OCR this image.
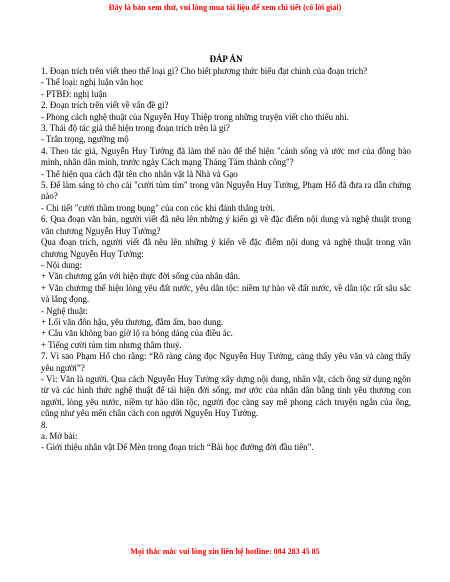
Đây là bản xem thử, vui lòng mua tài liệu để xem chi tiết (có lời giải)
ĐÁP ÁN

1. Đoạn trích trên viết theo thể loại gì? Cho biết phương thức biểu đạt chính của đoạn trích?

- Thể loại: nghị luận văn học

- PTBĐ: nghị luận

2. Đoạn trích trên viết về vấn đề gì?

- Phong cách nghệ thuật của Nguyễn Huy Thiệp trong những truyện viết cho thiếu nhi.

3. Thái độ tác giả thể hiện trong đoạn trích trên là gì?

- Trân trọng, ngưỡng mộ

4. Theo tác giả, Nguyễn Huy Tưởng đã làm thế nào để thể hiện "cảnh sống và ước mơ của đồng bào mình, nhân dân mình, trước ngày Cách mạng Tháng Tám thành công"?

- Thể hiện qua cách đặt tên cho nhân vật là Nhà và Gạo

5. Để làm sáng tỏ cho cái "cười tủm tỉm" trong văn Nguyễn Huy Tưởng, Phạm Hổ đã đưa ra dẫn chứng nào?

- Chi tiết "cười thầm trong bụng" của con cóc khi đánh thắng trời.

6. Qua đoạn văn bản, người viết đã nêu lên những ý kiến gì về đặc điểm nội dung và nghệ thuật trong văn chương Nguyễn Huy Tưởng?

Qua đoạn trích, người viết đã nêu lên những ý kiến về đặc điểm nội dung và nghệ thuật trong văn chương Nguyễn Huy Tưởng:

- Nội dung:

+ Văn chương gắn với hiện thực đời sống của nhân dân.

+ Văn chương thể hiện lòng yêu đất nước, yêu dân tộc: niềm tự hào về đất nước, về dân tộc rất sâu sắc và lắng đọng.

- Nghệ thuật:

+ Lối văn đôn hậu, yêu thương, đằm ấm, bao dung.

+ Câu văn không bao giờ lộ ra bóng dáng của điều ác.

+ Tiếng cười tủm tỉm nhưng thâm thuý.

7. Vì sao Phạm Hổ cho rằng: “Rõ ràng càng đọc Nguyễn Huy Tưởng, càng thấy yêu văn và càng thấy yêu người”?

- Vì: Văn là người. Qua cách Nguyễn Huy Tưởng xây dựng nội dung, nhân vật, cách ông sử dụng ngôn từ và các hình thức nghệ thuật để tái hiện đời sống, mơ ước của nhân dân bằng tình yêu thương con người, lòng yêu nước, niềm tự hào dân tộc, người đọc càng say mê phong cách truyện ngắn của ông, cũng như yêu mến chân cách con người Nguyễn Huy Tưởng.

8.

a. Mở bài:

- Giới thiệu nhân vật Dế Mèn trong đoạn trích “Bài học đường đời đầu tiên”.

Mọi thắc mắc vui lòng xin liên hệ hotline: 084 283 45 85
